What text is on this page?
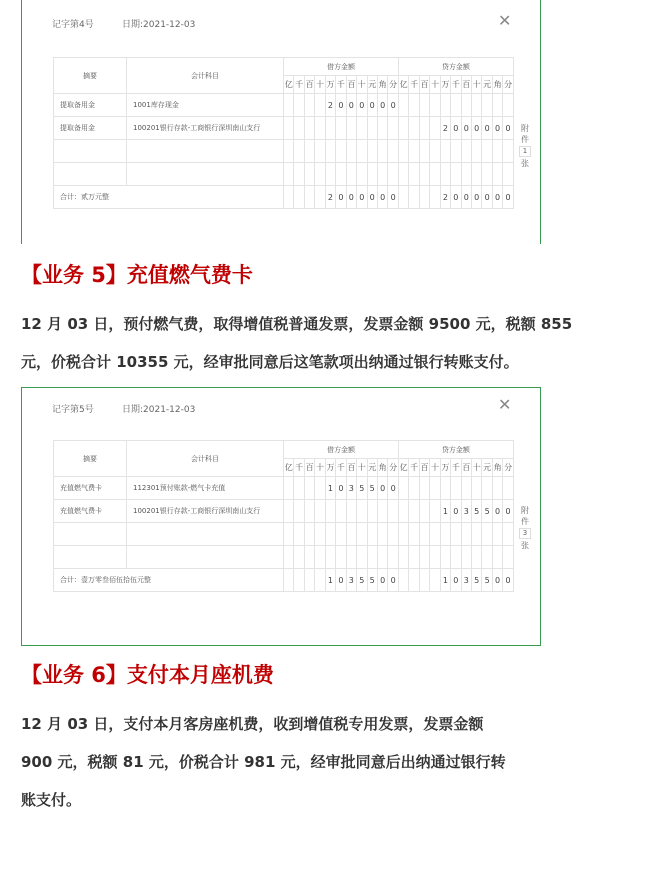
记字第4号	日期:2021-12-03	✕
摘要	会计科目	借方金额											贷方金额										
		亿	千	百	十	万	千	百	十	元	角	分	亿	千	百	十	万	千	百	十	元	角	分
提取备用金	1001库存现金					2	0	0	0	0	0	0											
提取备用金	100201银行存款-工商银行深圳南山支行																2	0	0	0	0	0	0

合计：贰万元整						2	0	0	0	0	0	0					2	0	0	0	0	0	0
附
件
1
张
【业务 5】充值燃气费卡
12 月 03 日，预付燃气费，取得增值税普通发票，发票金额 9500 元，税额 855
元，价税合计 10355 元，经审批同意后这笔款项出纳通过银行转账支付。
记字第5号	日期:2021-12-03	✕
摘要	会计科目	借方金额											贷方金额										
		亿	千	百	十	万	千	百	十	元	角	分	亿	千	百	十	万	千	百	十	元	角	分
充值燃气费卡	112301预付账款-燃气卡充值					1	0	3	5	5	0	0											
充值燃气费卡	100201银行存款-工商银行深圳南山支行																1	0	3	5	5	0	0

合计：壹万零叁佰伍拾伍元整						1	0	3	5	5	0	0					1	0	3	5	5	0	0
附
件
3
张
【业务 6】支付本月座机费
12 月 03 日，支付本月客房座机费，收到增值税专用发票，发票金额
900 元，税额 81 元，价税合计 981 元，经审批同意后出纳通过银行转
账支付。
